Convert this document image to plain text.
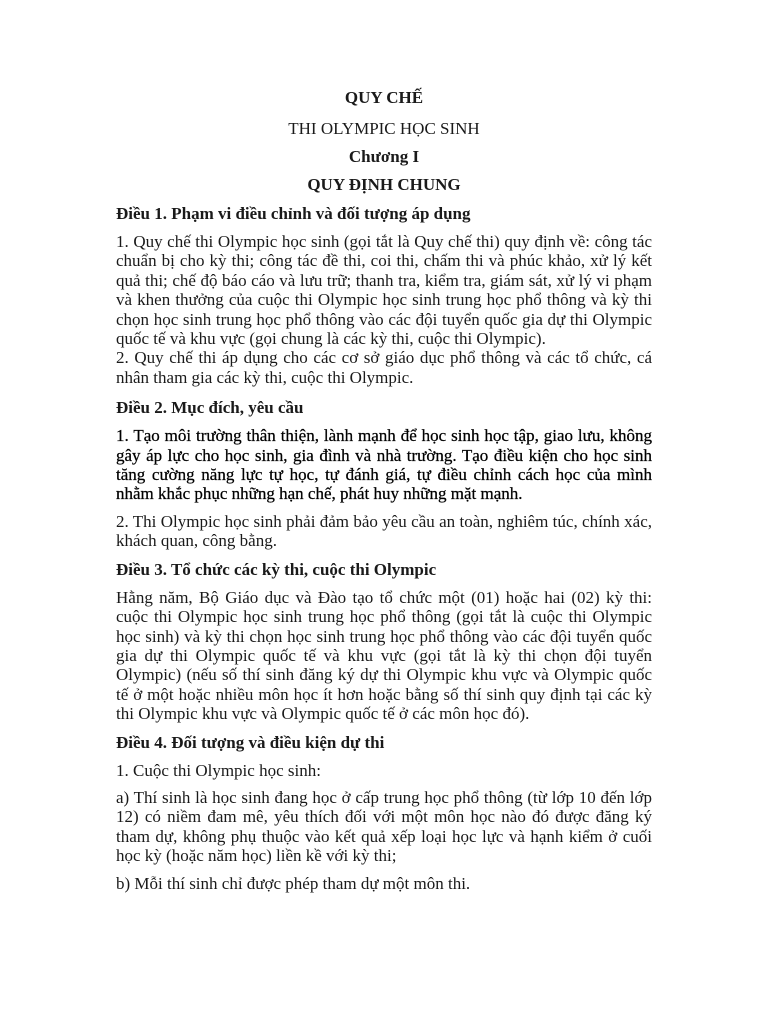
QUY CHẾ

THI OLYMPIC HỌC SINH

Chương I

QUY ĐỊNH CHUNG

Điều 1. Phạm vi điều chỉnh và đối tượng áp dụng

1. Quy chế thi Olympic học sinh (gọi tắt là Quy chế thi) quy định về: công tác chuẩn bị cho kỳ thi; công tác đề thi, coi thi, chấm thi và phúc khảo, xử lý kết quả thi; chế độ báo cáo và lưu trữ; thanh tra, kiểm tra, giám sát, xử lý vi phạm và khen thưởng của cuộc thi Olympic học sinh trung học phổ thông và kỳ thi chọn học sinh trung học phổ thông vào các đội tuyển quốc gia dự thi Olympic quốc tế và khu vực (gọi chung là các kỳ thi, cuộc thi Olympic).

2. Quy chế thi áp dụng cho các cơ sở giáo dục phổ thông và các tổ chức, cá nhân tham gia các kỳ thi, cuộc thi Olympic.

Điều 2. Mục đích, yêu cầu

1. Tạo môi trường thân thiện, lành mạnh để học sinh học tập, giao lưu, không gây áp lực cho học sinh, gia đình và nhà trường. Tạo điều kiện cho học sinh tăng cường năng lực tự học, tự đánh giá, tự điều chỉnh cách học của mình nhằm khắc phục những hạn chế, phát huy những mặt mạnh.

2. Thi Olympic học sinh phải đảm bảo yêu cầu an toàn, nghiêm túc, chính xác, khách quan, công bằng.

Điều 3. Tổ chức các kỳ thi, cuộc thi Olympic

Hằng năm, Bộ Giáo dục và Đào tạo tổ chức một (01) hoặc hai (02) kỳ thi: cuộc thi Olympic học sinh trung học phổ thông (gọi tắt là cuộc thi Olympic học sinh) và kỳ thi chọn học sinh trung học phổ thông vào các đội tuyển quốc gia dự thi Olympic quốc tế và khu vực (gọi tắt là kỳ thi chọn đội tuyển Olympic) (nếu số thí sinh đăng ký dự thi Olympic khu vực và Olympic quốc tế ở một hoặc nhiều môn học ít hơn hoặc bằng số thí sinh quy định tại các kỳ thi Olympic khu vực và Olympic quốc tế ở các môn học đó).

Điều 4. Đối tượng và điều kiện dự thi

1. Cuộc thi Olympic học sinh:

a) Thí sinh là học sinh đang học ở cấp trung học phổ thông (từ lớp 10 đến lớp 12) có niềm đam mê, yêu thích đối với một môn học nào đó được đăng ký tham dự, không phụ thuộc vào kết quả xếp loại học lực và hạnh kiểm ở cuối học kỳ (hoặc năm học) liền kề với kỳ thi;

b) Mỗi thí sinh chỉ được phép tham dự một môn thi.
